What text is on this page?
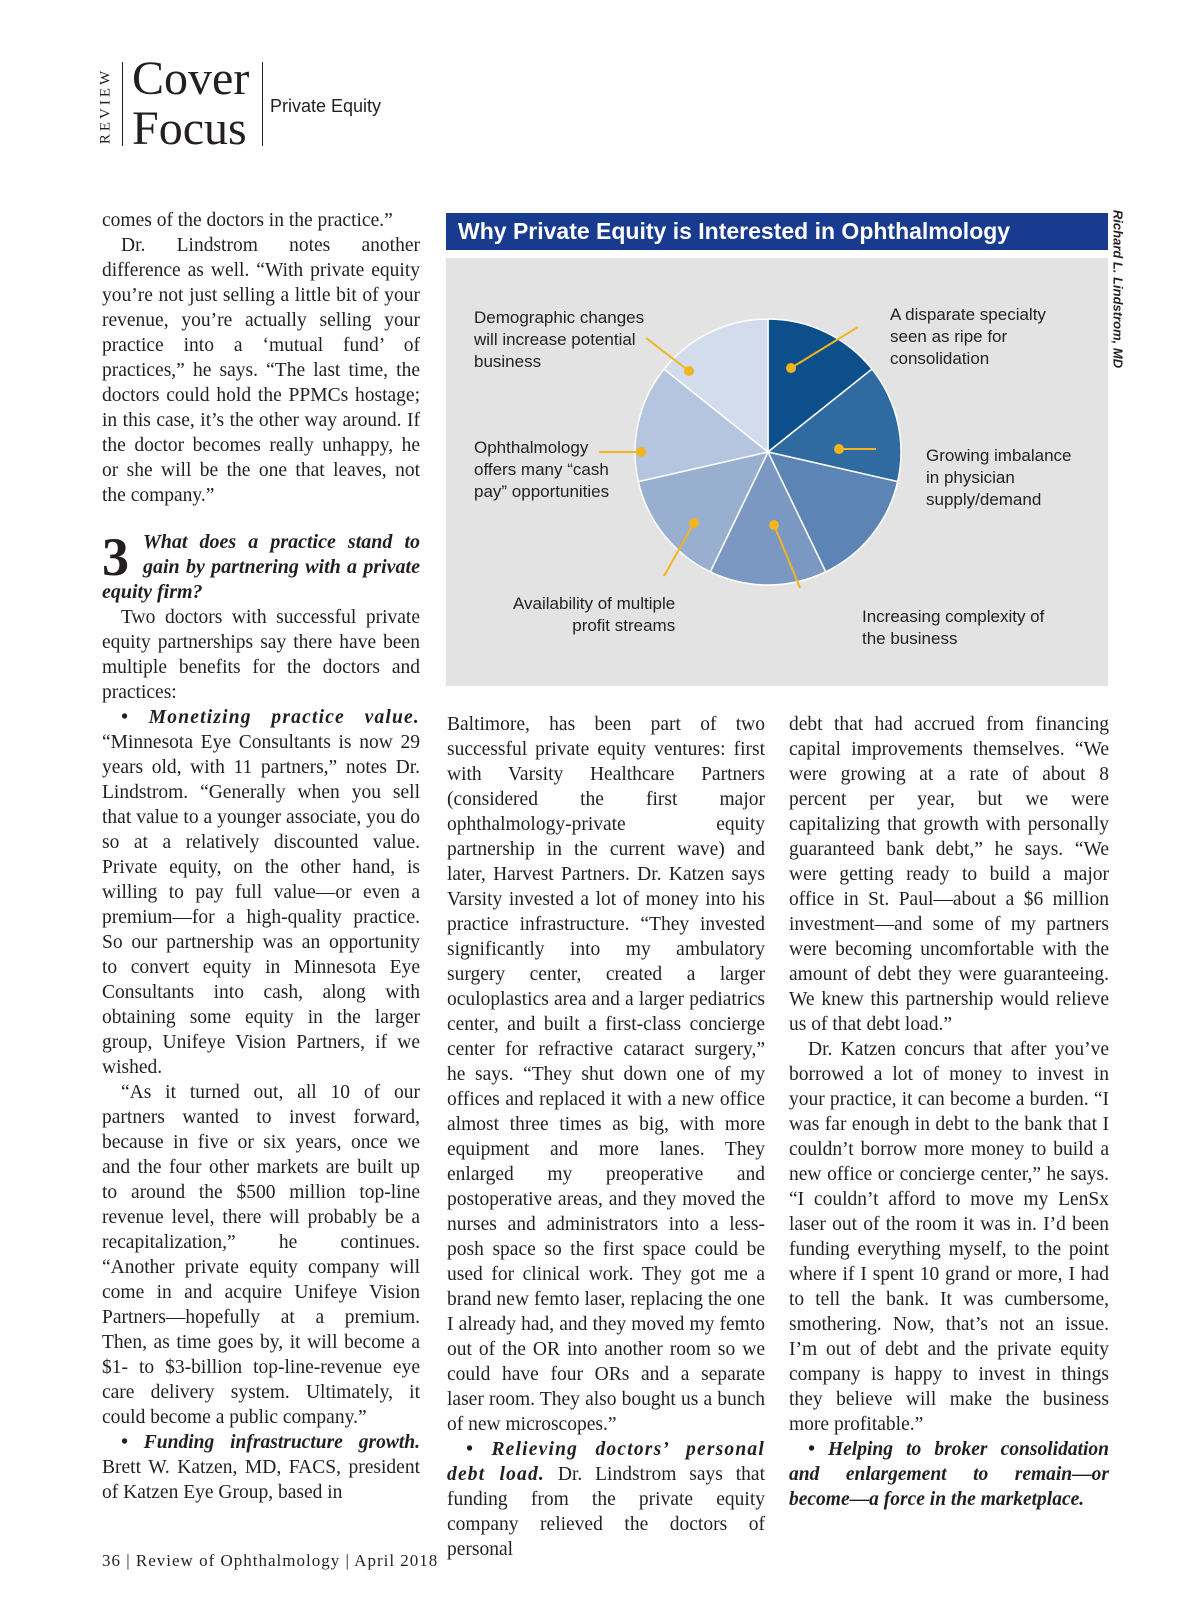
REVIEW Cover
Focus Private Equity

comes of the doctors in the practice.”

Dr. Lindstrom notes another difference as well. “With private equity you’re not just selling a little bit of your revenue, you’re actually selling your practice into a ‘mutual fund’ of practices,” he says. “The last time, the doctors could hold the PPMCs hostage; in this case, it’s the other way around. If the doctor becomes really unhappy, he or she will be the one that leaves, not the company.”

3 What does a practice stand to gain by partnering with a private equity firm?

Two doctors with successful private equity partnerships say there have been multiple benefits for the doctors and practices:

• Monetizing practice value. “Minnesota Eye Consultants is now 29 years old, with 11 partners,” notes Dr. Lindstrom. “Generally when you sell that value to a younger associate, you do so at a relatively discounted value. Private equity, on the other hand, is willing to pay full value—or even a premium—for a high-quality practice. So our partnership was an opportunity to convert equity in Minnesota Eye Consultants into cash, along with obtaining some equity in the larger group, Unifeye Vision Partners, if we wished.

“As it turned out, all 10 of our partners wanted to invest forward, because in five or six years, once we and the four other markets are built up to around the $500 million top-line revenue level, there will probably be a recapitalization,” he continues. “Another private equity company will come in and acquire Unifeye Vision Partners—hopefully at a premium. Then, as time goes by, it will become a $1- to $3-billion top-line-revenue eye care delivery system. Ultimately, it could become a public company.”

• Funding infrastructure growth. Brett W. Katzen, MD, FACS, president of Katzen Eye Group, based in

Why Private Equity is Interested in Ophthalmology	Richard L. Lindstrom, MD
Demographic changes
will increase potential
business
A disparate specialty
seen as ripe for
consolidation
Ophthalmology
offers many “cash
pay” opportunities
Growing imbalance
in physician
supply/demand
Availability of multiple
profit streams	Increasing complexity of
the business

Baltimore, has been part of two successful private equity ventures: first with Varsity Healthcare Partners (considered the first major ophthalmology-private equity partnership in the current wave) and later, Harvest Partners. Dr. Katzen says Varsity invested a lot of money into his practice infrastructure. “They invested significantly into my ambulatory surgery center, created a larger oculoplastics area and a larger pediatrics center, and built a first-class concierge center for refractive cataract surgery,” he says. “They shut down one of my offices and replaced it with a new office almost three times as big, with more equipment and more lanes. They enlarged my preoperative and postoperative areas, and they moved the nurses and administrators into a less-posh space so the first space could be used for clinical work. They got me a brand new femto laser, replacing the one I already had, and they moved my femto out of the OR into another room so we could have four ORs and a separate laser room. They also bought us a bunch of new microscopes.”

• Relieving doctors’ personal debt load. Dr. Lindstrom says that funding from the private equity company relieved the doctors of personal

debt that had accrued from financing capital improvements themselves. “We were growing at a rate of about 8 percent per year, but we were capitalizing that growth with personally guaranteed bank debt,” he says. “We were getting ready to build a major office in St. Paul—about a $6 million investment—and some of my partners were becoming uncomfortable with the amount of debt they were guaranteeing. We knew this partnership would relieve us of that debt load.”

Dr. Katzen concurs that after you’ve borrowed a lot of money to invest in your practice, it can become a burden. “I was far enough in debt to the bank that I couldn’t borrow more money to build a new office or concierge center,” he says. “I couldn’t afford to move my LenSx laser out of the room it was in. I’d been funding everything myself, to the point where if I spent 10 grand or more, I had to tell the bank. It was cumbersome, smothering. Now, that’s not an issue. I’m out of debt and the private equity company is happy to invest in things they believe will make the business more profitable.”

• Helping to broker consolidation and enlargement to remain—or become—a force in the marketplace.

36 | Review of Ophthalmology | April 2018
